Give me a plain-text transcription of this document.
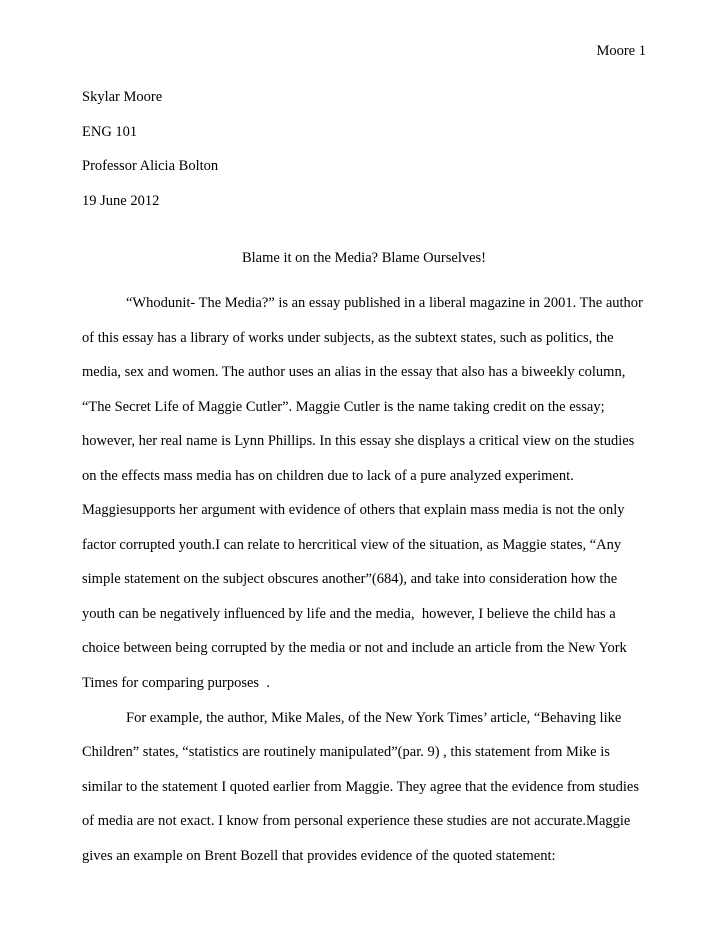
Moore 1
Skylar Moore
ENG 101
Professor Alicia Bolton
19 June 2012
Blame it on the Media? Blame Ourselves!
“Whodunit- The Media?” is an essay published in a liberal magazine in 2001. The author
of this essay has a library of works under subjects, as the subtext states, such as politics, the
media, sex and women. The author uses an alias in the essay that also has a biweekly column,
“The Secret Life of Maggie Cutler”. Maggie Cutler is the name taking credit on the essay;
however, her real name is Lynn Phillips. In this essay she displays a critical view on the studies
on the effects mass media has on children due to lack of a pure analyzed experiment.
Maggiesupports her argument with evidence of others that explain mass media is not the only
factor corrupted youth.I can relate to hercritical view of the situation, as Maggie states, “Any
simple statement on the subject obscures another”(684), and take into consideration how the
youth can be negatively influenced by life and the media,  however, I believe the child has a
choice between being corrupted by the media or not and include an article from the New York
Times for comparing purposes  .
For example, the author, Mike Males, of the New York Times’ article, “Behaving like
Children” states, “statistics are routinely manipulated”(par. 9) , this statement from Mike is
similar to the statement I quoted earlier from Maggie. They agree that the evidence from studies
of media are not exact. I know from personal experience these studies are not accurate.Maggie
gives an example on Brent Bozell that provides evidence of the quoted statement:
